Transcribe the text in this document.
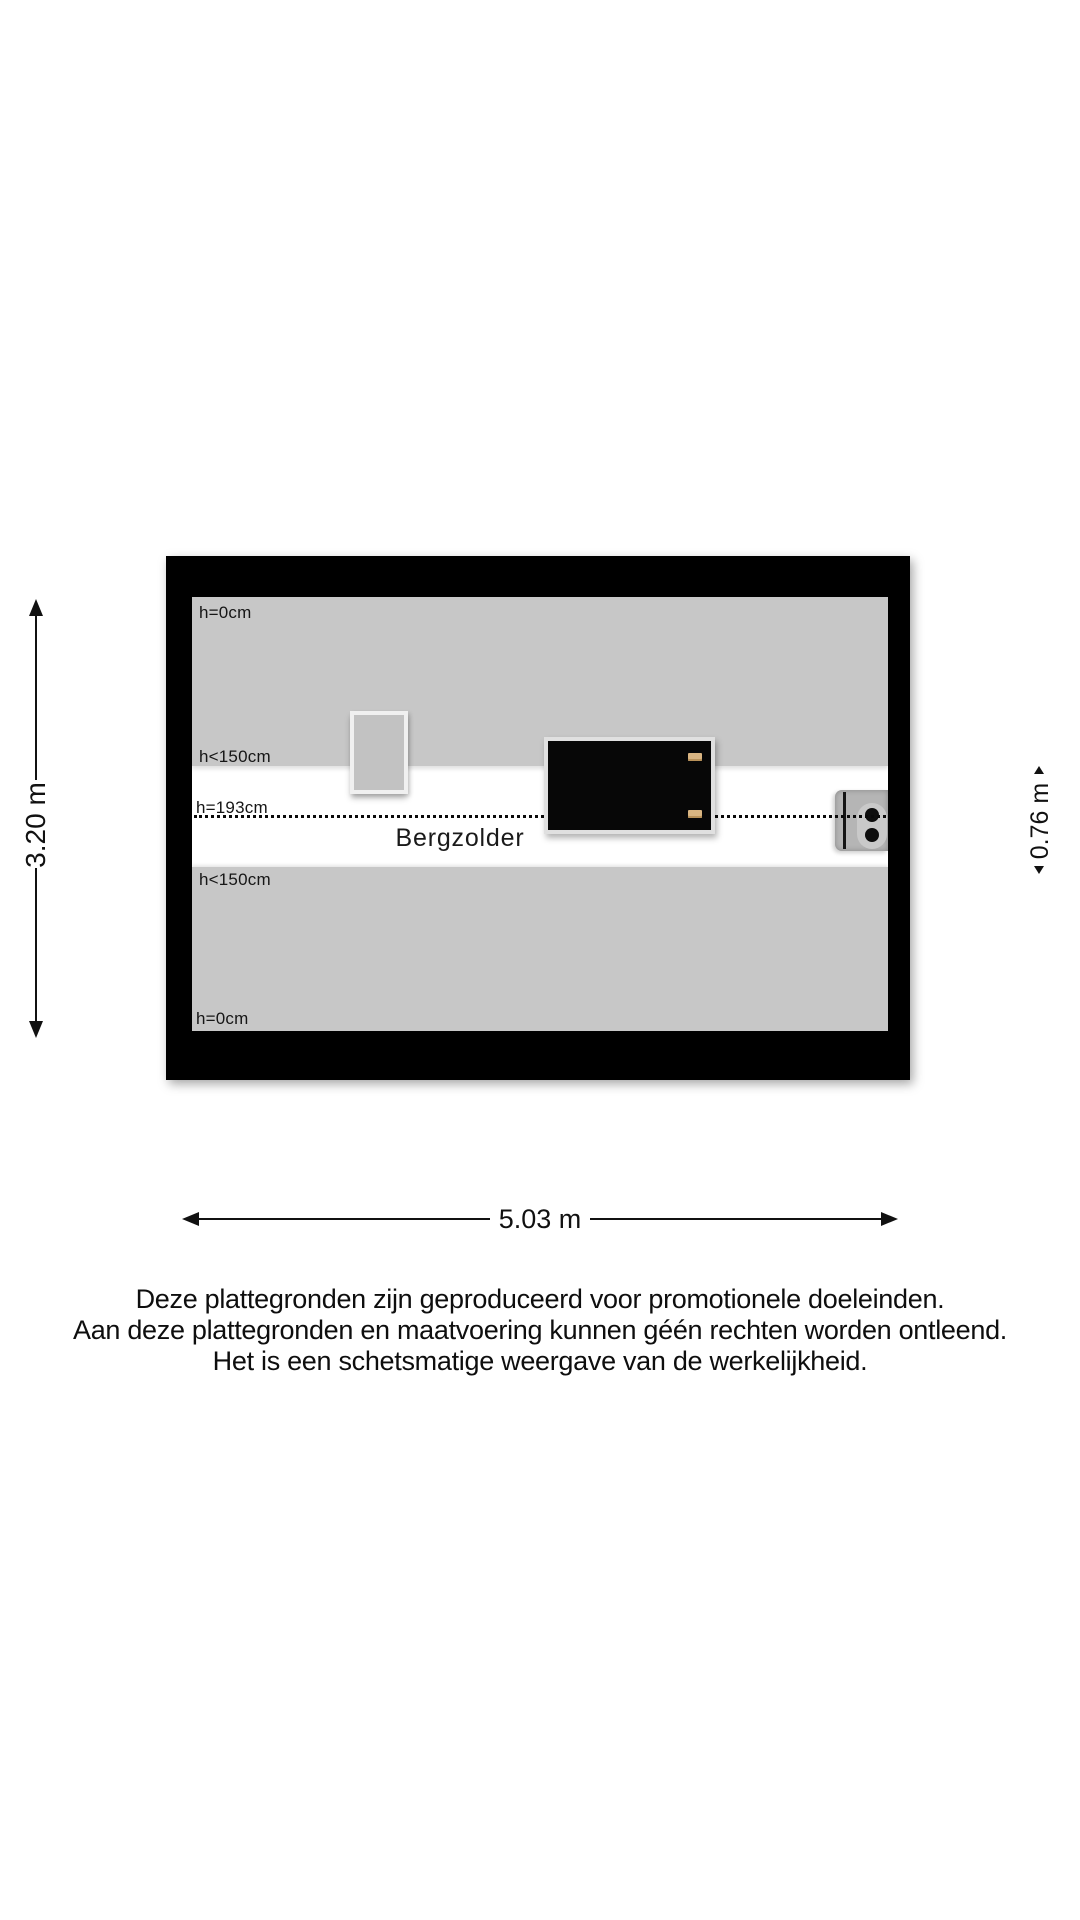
h=0cm
h<150cm
h=193cm
h<150cm
h=0cm
Bergzolder
3.20 m
5.03 m
0.76 m
Deze plattegronden zijn geproduceerd voor promotionele doeleinden.
Aan deze plattegronden en maatvoering kunnen géén rechten worden ontleend.
Het is een schetsmatige weergave van de werkelijkheid.
